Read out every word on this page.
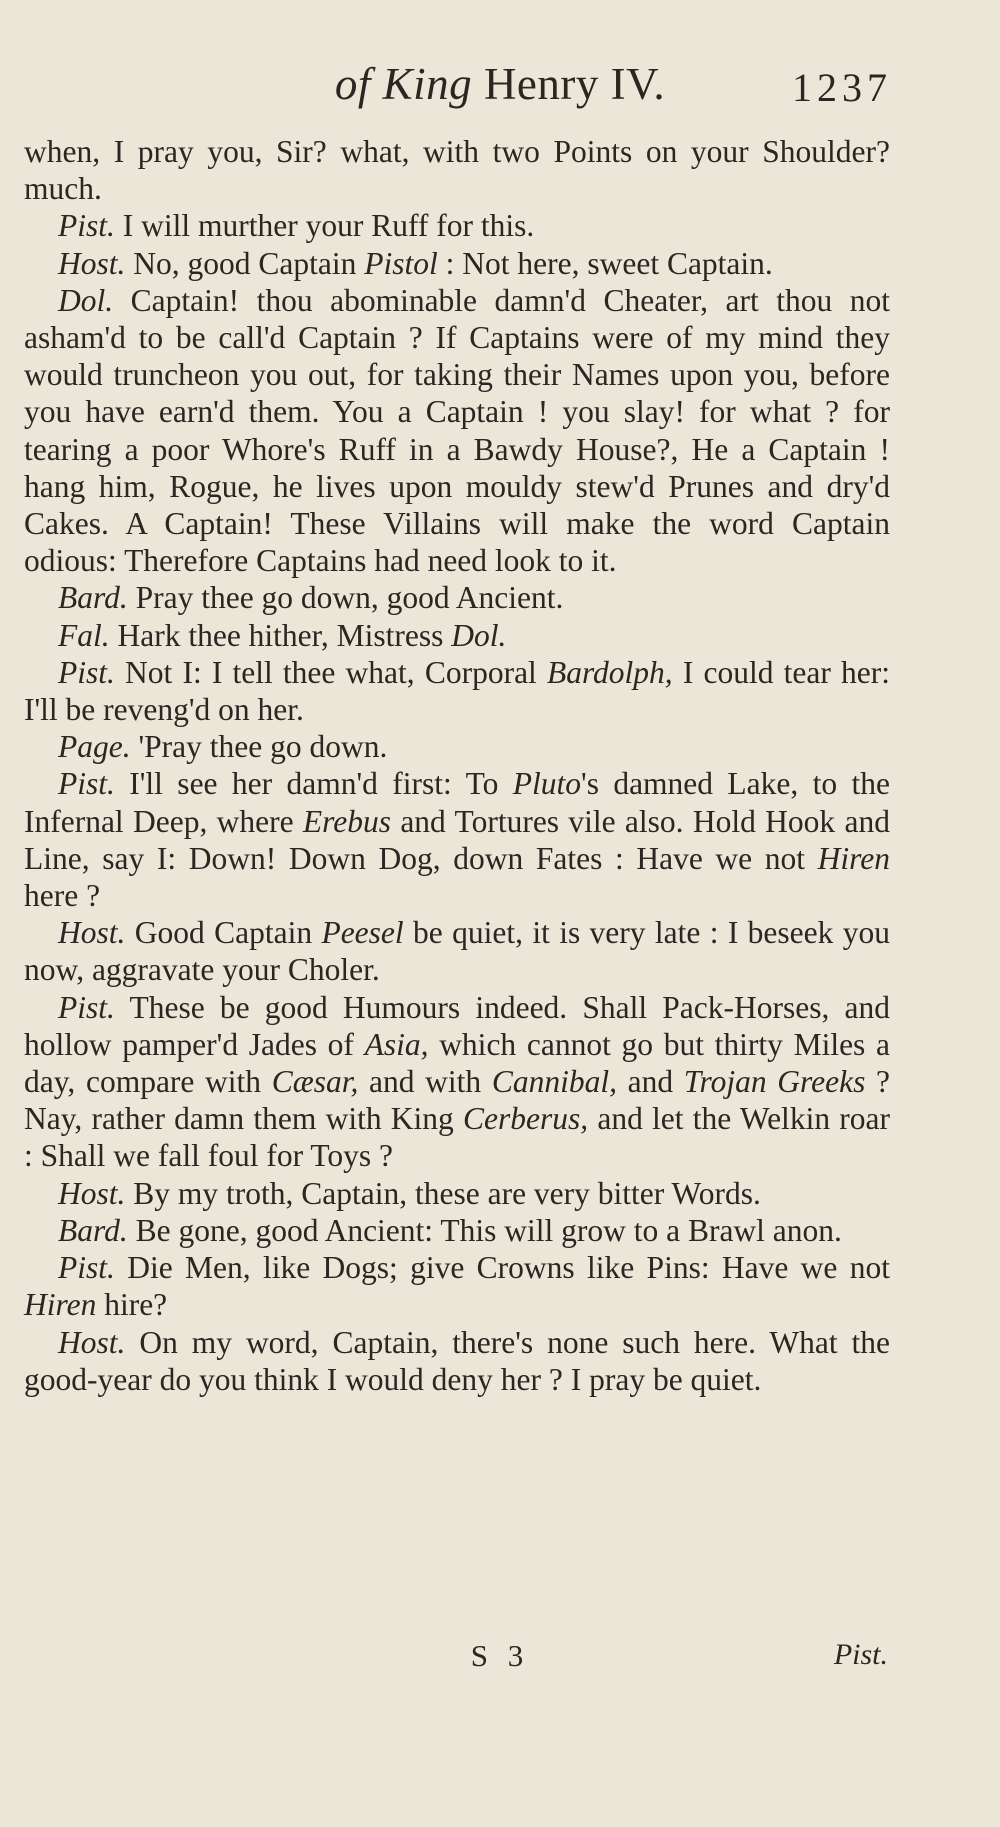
of King Henry IV.	1237

when, I pray you, Sir? what, with two Points on your Shoulder? much.

Pist. I will murther your Ruff for this.

Host. No, good Captain Pistol : Not here, sweet Captain.

Dol. Captain! thou abominable damn'd Cheater, art thou not asham'd to be call'd Captain ? If Captains were of my mind they would truncheon you out, for taking their Names upon you, before you have earn'd them. You a Captain ! you slay! for what ? for tearing a poor Whore's Ruff in a Bawdy House?, He a Captain ! hang him, Rogue, he lives upon mouldy stew'd Prunes and dry'd Cakes. A Captain! These Villains will make the word Captain odious: Therefore Captains had need look to it.

Bard. Pray thee go down, good Ancient.

Fal. Hark thee hither, Mistress Dol.

Pist. Not I: I tell thee what, Corporal Bardolph, I could tear her: I'll be reveng'd on her.

Page. 'Pray thee go down.

Pist. I'll see her damn'd first: To Pluto's damned Lake, to the Infernal Deep, where Erebus and Tortures vile also. Hold Hook and Line, say I: Down! Down Dog, down Fates : Have we not Hiren here ?

Host. Good Captain Peesel be quiet, it is very late : I beseek you now, aggravate your Choler.

Pist. These be good Humours indeed. Shall Pack-Horses, and hollow pamper'd Jades of Asia, which cannot go but thirty Miles a day, compare with Cæsar, and with Cannibal, and Trojan Greeks ? Nay, rather damn them with King Cerberus, and let the Welkin roar : Shall we fall foul for Toys ?

Host. By my troth, Captain, these are very bitter Words.

Bard. Be gone, good Ancient: This will grow to a Brawl anon.

Pist. Die Men, like Dogs; give Crowns like Pins: Have we not Hiren hire?

Host. On my word, Captain, there's none such here. What the good-year do you think I would deny her ? I pray be quiet.

S 3	Pist.
